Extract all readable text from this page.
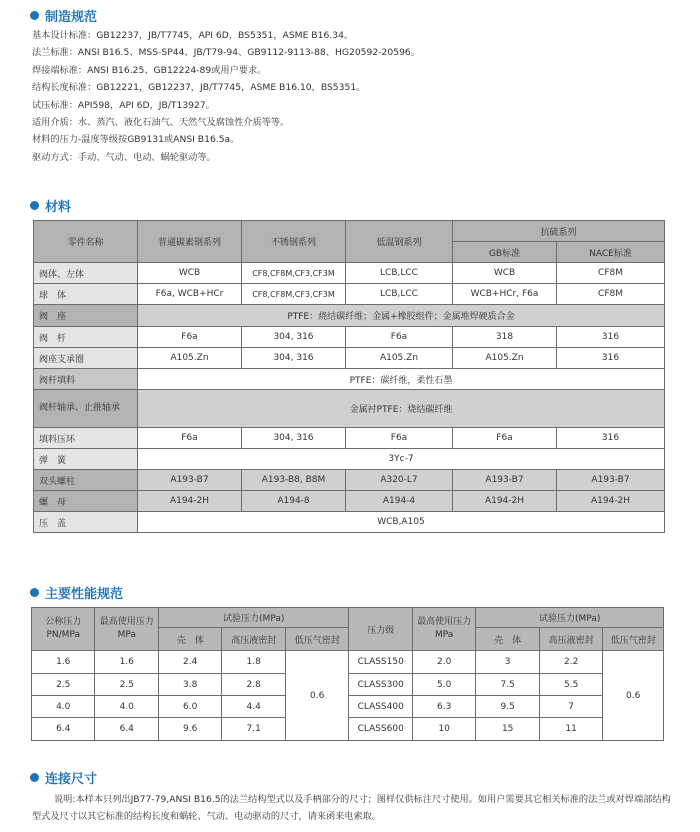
制造规范
基本设计标准：GB12237，JB/T7745，API 6D，BS5351，ASME B16.34。
法兰标准：ANSI B16.5、MSS-SP44、JB/T79-94、GB9112-9113-88、HG20592-20596。
焊接端标准：ANSI B16.25、GB12224-89或用户要求。
结构长度标准：GB12221，GB12237，JB/T7745，ASME B16.10，BS5351。
试压标准：API598，API 6D，JB/T13927。
适用介质：水、蒸汽、液化石油气、天然气及腐蚀性介质等等。
材料的压力-温度等级按GB9131或ANSI B16.5a。
驱动方式：手动、气动、电动、蜗轮驱动等。
材料
零件名称	普通碳素钢系列	不锈钢系列	低温钢系列	抗硫系列	
				GB标准	NACE标准
阀体、左体	WCB	CF8,CF8M,CF3,CF3M	LCB,LCC	WCB	CF8M
球　体	F6a, WCB+HCr	CF8,CF8M,CF3,CF3M	LCB,LCC	WCB+HCr, F6a	CF8M
阀　座	PTFE：烧结碳纤维；金属+橡胶组件；金属堆焊硬质合金				
阀　杆	F6a	304, 316	F6a	318	316
阀座支承圈	A105.Zn	304, 316	A105.Zn	A105.Zn	316
阀杆填料	PTFE：碳纤维，柔性石墨				
阀杆轴承、止推轴承	金属衬PTFE：烧结碳纤维				
填料压环	F6a	304, 316	F6a	F6a	316
弹　簧	3Yc-7				
双头螺柱	A193-B7	A193-B8, B8M	A320-L7	A193-B7	A193-B7
螺　母	A194-2H	A194-8	A194-4	A194-2H	A194-2H
压　盖	WCB,A105				
主要性能规范
公称压力PN/MPa	最高使用压力MPa	试验压力(MPa)			压力级	最高使用压力MPa	试验压力(MPa)		
		壳　体	高压液密封	低压气密封			壳　体	高压液密封	低压气密封
1.6	1.6	2.4	1.8	0.6	CLASS150	2.0	3	2.2	0.6
2.5	2.5	3.8	2.8		CLASS300	5.0	7.5	5.5	
4.0	4.0	6.0	4.4		CLASS400	6.3	9.5	7	
6.4	6.4	9.6	7.1		CLASS600	10	15	11	
连接尺寸

说明:本样本只列出JB77-79,ANSI B16.5的法兰结构型式以及手柄部分的尺寸；图样仅供标注尺寸使用。如用户需要其它相关标准的法兰或对焊端部结构型式及尺寸以其它标准的结构长度和蜗轮、气动、电动驱动的尺寸，请来函来电索取。
